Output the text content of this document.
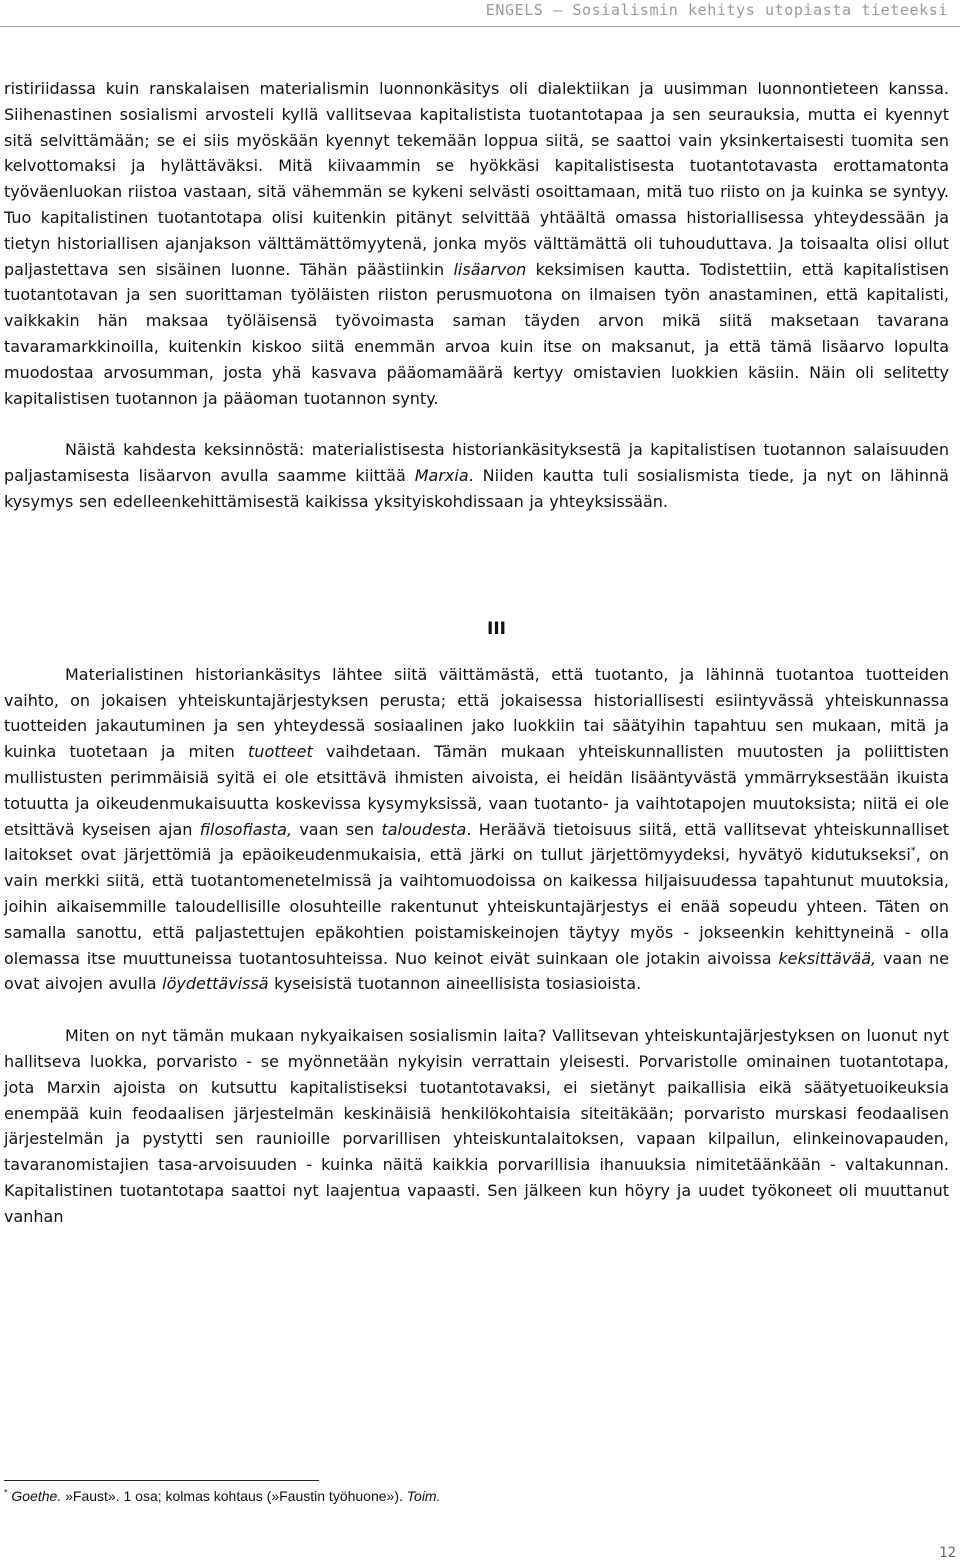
ENGELS – Sosialismin kehitys utopiasta tieteeksi

ristiriidassa kuin ranskalaisen materialismin luonnonkäsitys oli dialektiikan ja uusimman luonnontieteen kanssa. Siihenastinen sosialismi arvosteli kyllä vallitsevaa kapitalistista tuotantotapaa ja sen seurauksia, mutta ei kyennyt sitä selvittämään; se ei siis myöskään kyennyt tekemään loppua siitä, se saattoi vain yksinkertaisesti tuomita sen kelvottomaksi ja hylättäväksi. Mitä kiivaammin se hyökkäsi kapitalistisesta tuotantotavasta erottamatonta työväenluokan riistoa vastaan, sitä vähemmän se kykeni selvästi osoittamaan, mitä tuo riisto on ja kuinka se syntyy. Tuo kapitalistinen tuotantotapa olisi kuitenkin pitänyt selvittää yhtäältä omassa historiallisessa yhteydessään ja tietyn historiallisen ajanjakson välttämättömyytenä, jonka myös välttämättä oli tuhouduttava. Ja toisaalta olisi ollut paljastettava sen sisäinen luonne. Tähän päästiinkin lisäarvon keksimisen kautta. Todistettiin, että kapitalistisen tuotantotavan ja sen suorittaman työläisten riiston perusmuotona on ilmaisen työn anastaminen, että kapitalisti, vaikkakin hän maksaa työläisensä työvoimasta saman täyden arvon mikä siitä maksetaan tavarana tavaramarkkinoilla, kuitenkin kiskoo siitä enemmän arvoa kuin itse on maksanut, ja että tämä lisäarvo lopulta muodostaa arvosumman, josta yhä kasvava pääomamäärä kertyy omistavien luokkien käsiin. Näin oli selitetty kapitalistisen tuotannon ja pääoman tuotannon synty.

Näistä kahdesta keksinnöstä: materialistisesta historiankäsityksestä ja kapitalistisen tuotannon salaisuuden paljastamisesta lisäarvon avulla saamme kiittää Marxia. Niiden kautta tuli sosialismista tiede, ja nyt on lähinnä kysymys sen edelleenkehittämisestä kaikissa yksityiskohdissaan ja yhteyksissään.

III

Materialistinen historiankäsitys lähtee siitä väittämästä, että tuotanto, ja lähinnä tuotantoa tuotteiden vaihto, on jokaisen yhteiskuntajärjestyksen perusta; että jokaisessa historiallisesti esiintyvässä yhteiskunnassa tuotteiden jakautuminen ja sen yhteydessä sosiaalinen jako luokkiin tai säätyihin tapahtuu sen mukaan, mitä ja kuinka tuotetaan ja miten tuotteet vaihdetaan. Tämän mukaan yhteiskunnallisten muutosten ja poliittisten mullistusten perimmäisiä syitä ei ole etsittävä ihmisten aivoista, ei heidän lisääntyvästä ymmärryksestään ikuista totuutta ja oikeudenmukaisuutta koskevissa kysymyksissä, vaan tuotanto- ja vaihtotapojen muutoksista; niitä ei ole etsittävä kyseisen ajan filosofiasta, vaan sen taloudesta. Heräävä tietoisuus siitä, että vallitsevat yhteiskunnalliset laitokset ovat järjettömiä ja epäoikeudenmukaisia, että järki on tullut järjettömyydeksi, hyvätyö kidutukseksi*, on vain merkki siitä, että tuotantomenetelmissä ja vaihtomuodoissa on kaikessa hiljaisuudessa tapahtunut muutoksia, joihin aikaisemmille taloudellisille olosuhteille rakentunut yhteiskuntajärjestys ei enää sopeudu yhteen. Täten on samalla sanottu, että paljastettujen epäkohtien poistamiskeinojen täytyy myös - jokseenkin kehittyneinä - olla olemassa itse muuttuneissa tuotantosuhteissa. Nuo keinot eivät suinkaan ole jotakin aivoissa keksittävää, vaan ne ovat aivojen avulla löydettävissä kyseisistä tuotannon aineellisista tosiasioista.

Miten on nyt tämän mukaan nykyaikaisen sosialismin laita? Vallitsevan yhteiskuntajärjestyksen on luonut nyt hallitseva luokka, porvaristo - se myönnetään nykyisin verrattain yleisesti. Porvaristolle ominainen tuotantotapa, jota Marxin ajoista on kutsuttu kapitalistiseksi tuotantotavaksi, ei sietänyt paikallisia eikä säätyetuoikeuksia enempää kuin feodaalisen järjestelmän keskinäisiä henkilökohtaisia siteitäkään; porvaristo murskasi feodaalisen järjestelmän ja pystytti sen raunioille porvarillisen yhteiskuntalaitoksen, vapaan kilpailun, elinkeinovapauden, tavaranomistajien tasa-arvoisuuden - kuinka näitä kaikkia porvarillisia ihanuuksia nimitetäänkään - valtakunnan. Kapitalistinen tuotantotapa saattoi nyt laajentua vapaasti. Sen jälkeen kun höyry ja uudet työkoneet oli muuttanut vanhan

* Goethe. »Faust». 1 osa; kolmas kohtaus (»Faustin työhuone»). Toim.
12
